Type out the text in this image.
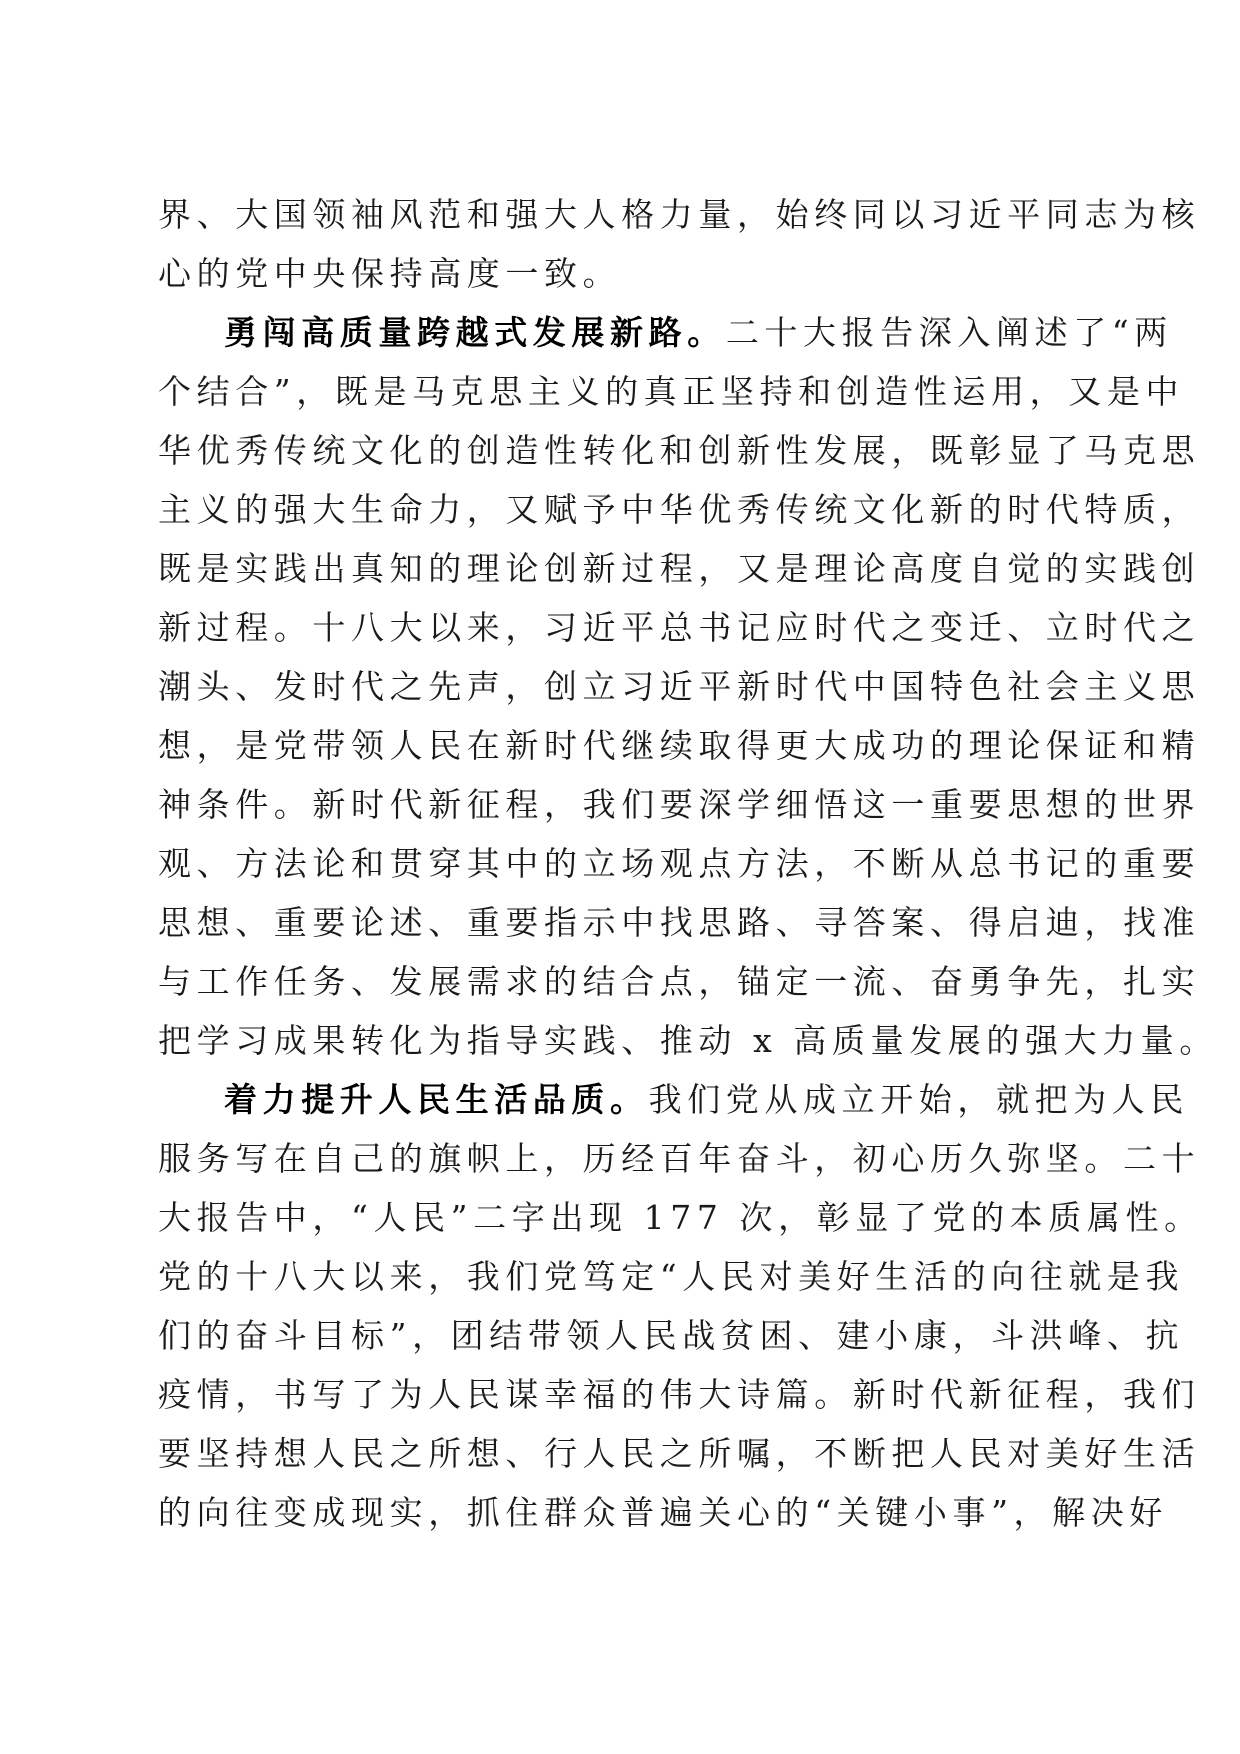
界、大国领袖风范和强大人格力量，始终同以习近平同志为核
心的党中央保持高度一致。

勇闯高质量跨越式发展新路。二十大报告深入阐述了“两
个结合”，既是马克思主义的真正坚持和创造性运用，又是中
华优秀传统文化的创造性转化和创新性发展，既彰显了马克思
主义的强大生命力，又赋予中华优秀传统文化新的时代特质，
既是实践出真知的理论创新过程，又是理论高度自觉的实践创
新过程。十八大以来，习近平总书记应时代之变迁、立时代之
潮头、发时代之先声，创立习近平新时代中国特色社会主义思
想，是党带领人民在新时代继续取得更大成功的理论保证和精
神条件。新时代新征程，我们要深学细悟这一重要思想的世界
观、方法论和贯穿其中的立场观点方法，不断从总书记的重要
思想、重要论述、重要指示中找思路、寻答案、得启迪，找准
与工作任务、发展需求的结合点，锚定一流、奋勇争先，扎实
把学习成果转化为指导实践、推动 x 高质量发展的强大力量。

着力提升人民生活品质。我们党从成立开始，就把为人民
服务写在自己的旗帜上，历经百年奋斗，初心历久弥坚。二十
大报告中，“人民”二字出现 177 次，彰显了党的本质属性。
党的十八大以来，我们党笃定“人民对美好生活的向往就是我
们的奋斗目标”，团结带领人民战贫困、建小康，斗洪峰、抗
疫情，书写了为人民谋幸福的伟大诗篇。新时代新征程，我们
要坚持想人民之所想、行人民之所嘱，不断把人民对美好生活
的向往变成现实，抓住群众普遍关心的“关键小事”，解决好
